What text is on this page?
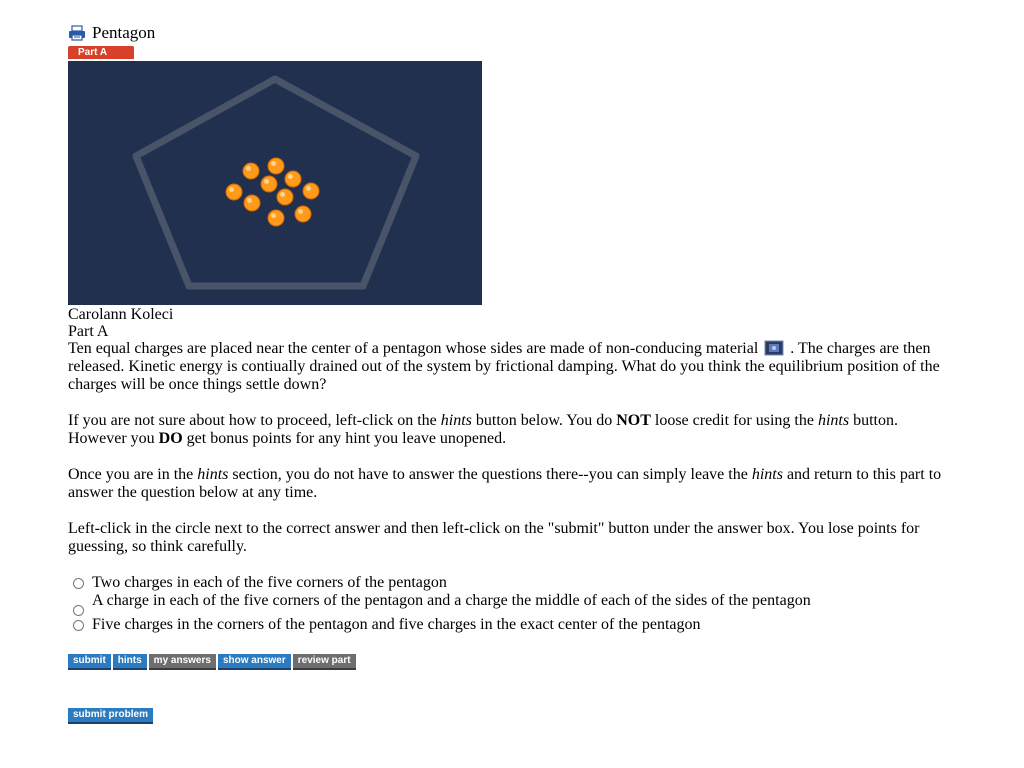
Pentagon
Part A
Carolann Koleci
Part A

Ten equal charges are placed near the center of a pentagon whose sides are made of non-conducing material  . The charges are then released. Kinetic energy is contiually drained out of the system by frictional damping. What do you think the equilibrium position of the charges will be once things settle down?

If you are not sure about how to proceed, left-click on the hints button below. You do NOT loose credit for using the hints button. However you DO get bonus points for any hint you leave unopened.

Once you are in the hints section, you do not have to answer the questions there--you can simply leave the hints and return to this part to answer the question below at any time.

Left-click in the circle next to the correct answer and then left-click on the "submit" button under the answer box. You lose points for guessing, so think carefully.

Two charges in each of the five corners of the pentagon
A charge in each of the five corners of the pentagon and a charge the middle of each of the sides of the pentagon
Five charges in the corners of the pentagon and five charges in the exact center of the pentagon
submit	hints	my answers	show answer	review part
submit problem
